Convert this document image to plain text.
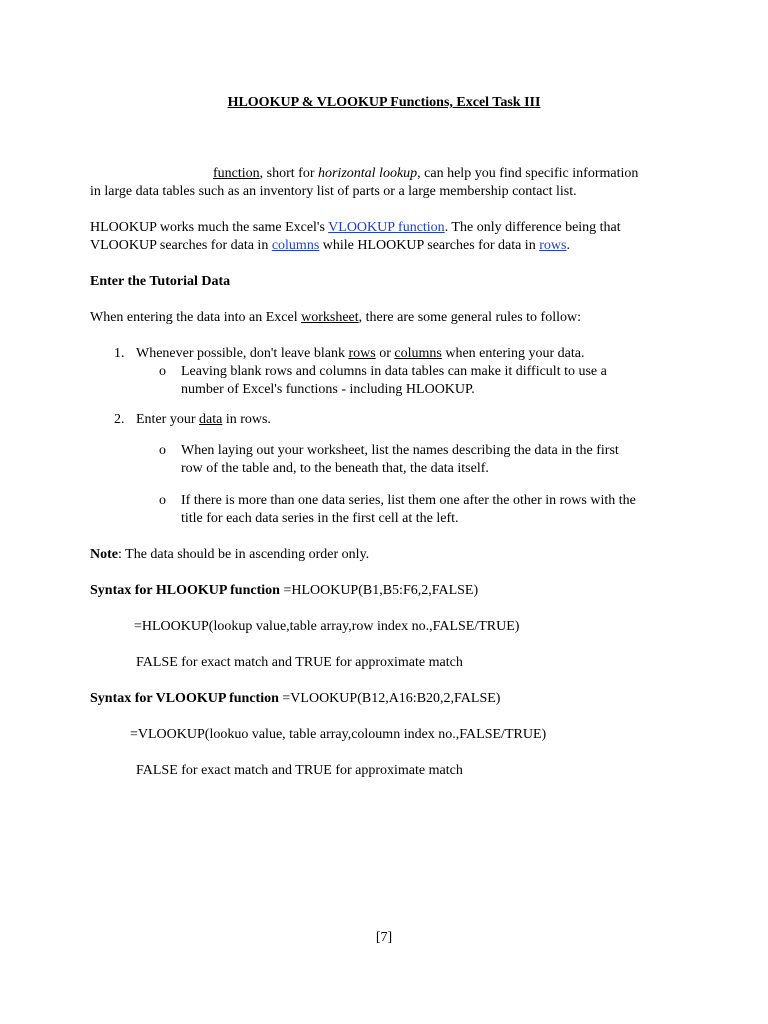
HLOOKUP & VLOOKUP Functions, Excel Task III
function, short for horizontal lookup, can help you find specific information
in large data tables such as an inventory list of parts or a large membership contact list.
HLOOKUP works much the same Excel's VLOOKUP function. The only difference being that
VLOOKUP searches for data in columns while HLOOKUP searches for data in rows.
Enter the Tutorial Data
When entering the data into an Excel worksheet, there are some general rules to follow:
1. Whenever possible, don't leave blank rows or columns when entering your data.
o Leaving blank rows and columns in data tables can make it difficult to use a
number of Excel's functions - including HLOOKUP.
2. Enter your data in rows.
o When laying out your worksheet, list the names describing the data in the first
row of the table and, to the beneath that, the data itself.
o If there is more than one data series, list them one after the other in rows with the
title for each data series in the first cell at the left.
Note: The data should be in ascending order only.
Syntax for HLOOKUP function =HLOOKUP(B1,B5:F6,2,FALSE)
=HLOOKUP(lookup value,table array,row index no.,FALSE/TRUE)
FALSE for exact match and TRUE for approximate match
Syntax for VLOOKUP function =VLOOKUP(B12,A16:B20,2,FALSE)
=VLOOKUP(lookuo value, table array,coloumn index no.,FALSE/TRUE)
FALSE for exact match and TRUE for approximate match
[7]
